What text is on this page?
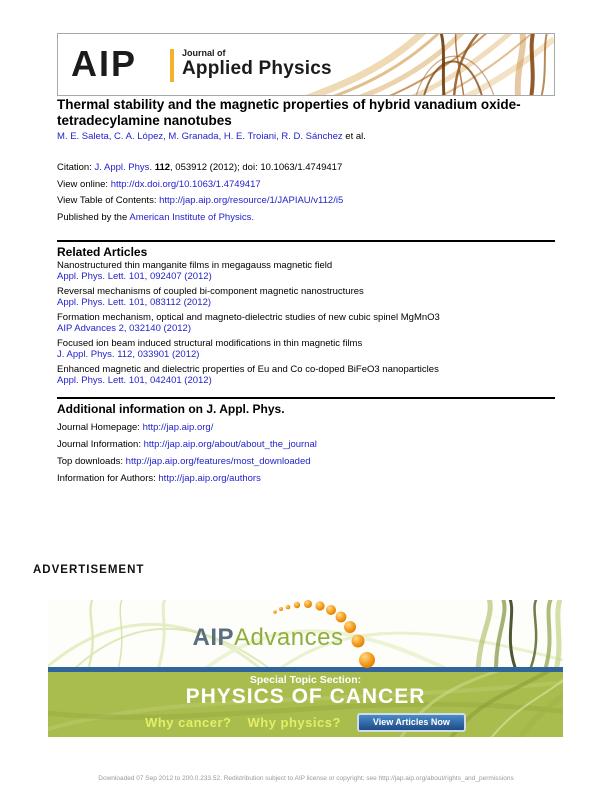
AIP	Journal of
Applied Physics
Thermal stability and the magnetic properties of hybrid vanadium oxide-tetradecylamine nanotubes
M. E. Saleta, C. A. López, M. Granada, H. E. Troiani, R. D. Sánchez et al.
Citation: J. Appl. Phys. 112, 053912 (2012); doi: 10.1063/1.4749417
View online: http://dx.doi.org/10.1063/1.4749417
View Table of Contents: http://jap.aip.org/resource/1/JAPIAU/v112/i5
Published by the American Institute of Physics.
Related Articles
Nanostructured thin manganite films in megagauss magnetic field
Appl. Phys. Lett. 101, 092407 (2012)
Reversal mechanisms of coupled bi-component magnetic nanostructures
Appl. Phys. Lett. 101, 083112 (2012)
Formation mechanism, optical and magneto-dielectric studies of new cubic spinel MgMnO3
AIP Advances 2, 032140 (2012)
Focused ion beam induced structural modifications in thin magnetic films
J. Appl. Phys. 112, 033901 (2012)
Enhanced magnetic and dielectric properties of Eu and Co co-doped BiFeO3 nanoparticles
Appl. Phys. Lett. 101, 042401 (2012)
Additional information on J. Appl. Phys.
Journal Homepage: http://jap.aip.org/
Journal Information: http://jap.aip.org/about/about_the_journal
Top downloads: http://jap.aip.org/features/most_downloaded
Information for Authors: http://jap.aip.org/authors
ADVERTISEMENT
AIPAdvances
Special Topic Section:
PHYSICS OF CANCER
Why cancer? Why physics?	View Articles Now
Downloaded 07 Sep 2012 to 200.0.233.52. Redistribution subject to AIP license or copyright; see http://jap.aip.org/about/rights_and_permissions
